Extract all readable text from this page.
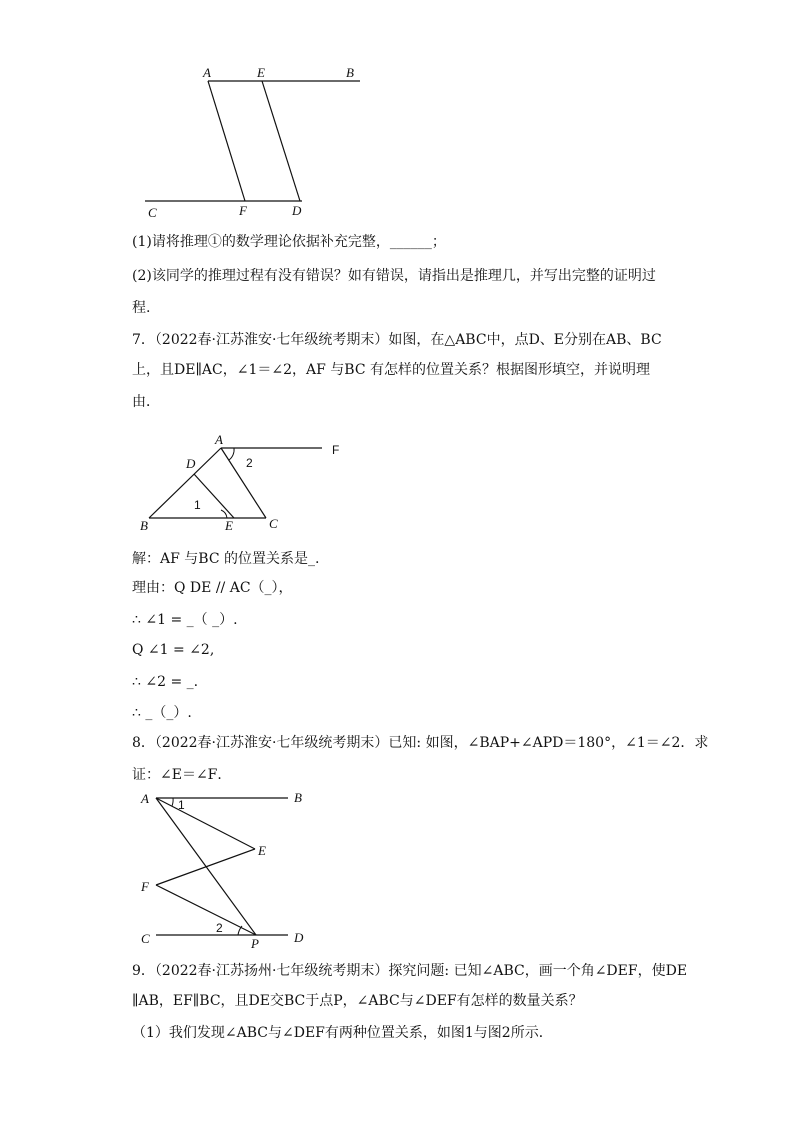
A	E	B
C	F	D
(1)请将推理①的数学理论依据补充完整，______；
(2)该同学的推理过程有没有错误？如有错误，请指出是推理几，并写出完整的证明过
程.
7．（2022春·江苏淮安·七年级统考期末）如图，在△ABC中，点D、E分别在AB、BC
上，且DE∥AC，∠1＝∠2，AF 与BC 有怎样的位置关系？根据图形填空，并说明理
由．
A
F
D	2
1
B	E	C
解：AF 与BC 的位置关系是_.
理由：Q DE // AC（_），
∴ ∠1 = _（ _）.
Q ∠1 = ∠2,
∴ ∠2 = _.
∴ _（_）.
8．（2022春·江苏淮安·七年级统考期末）已知: 如图，∠BAP+∠APD＝180°，∠1＝∠2．求
证：∠E＝∠F．
A 1	B
E
F
2
C	P	D
9．（2022春·江苏扬州·七年级统考期末）探究问题: 已知∠ABC，画一个角∠DEF，使DE
∥AB，EF∥BC，且DE交BC于点P，∠ABC与∠DEF有怎样的数量关系？
（1）我们发现∠ABC与∠DEF有两种位置关系，如图1与图2所示．
